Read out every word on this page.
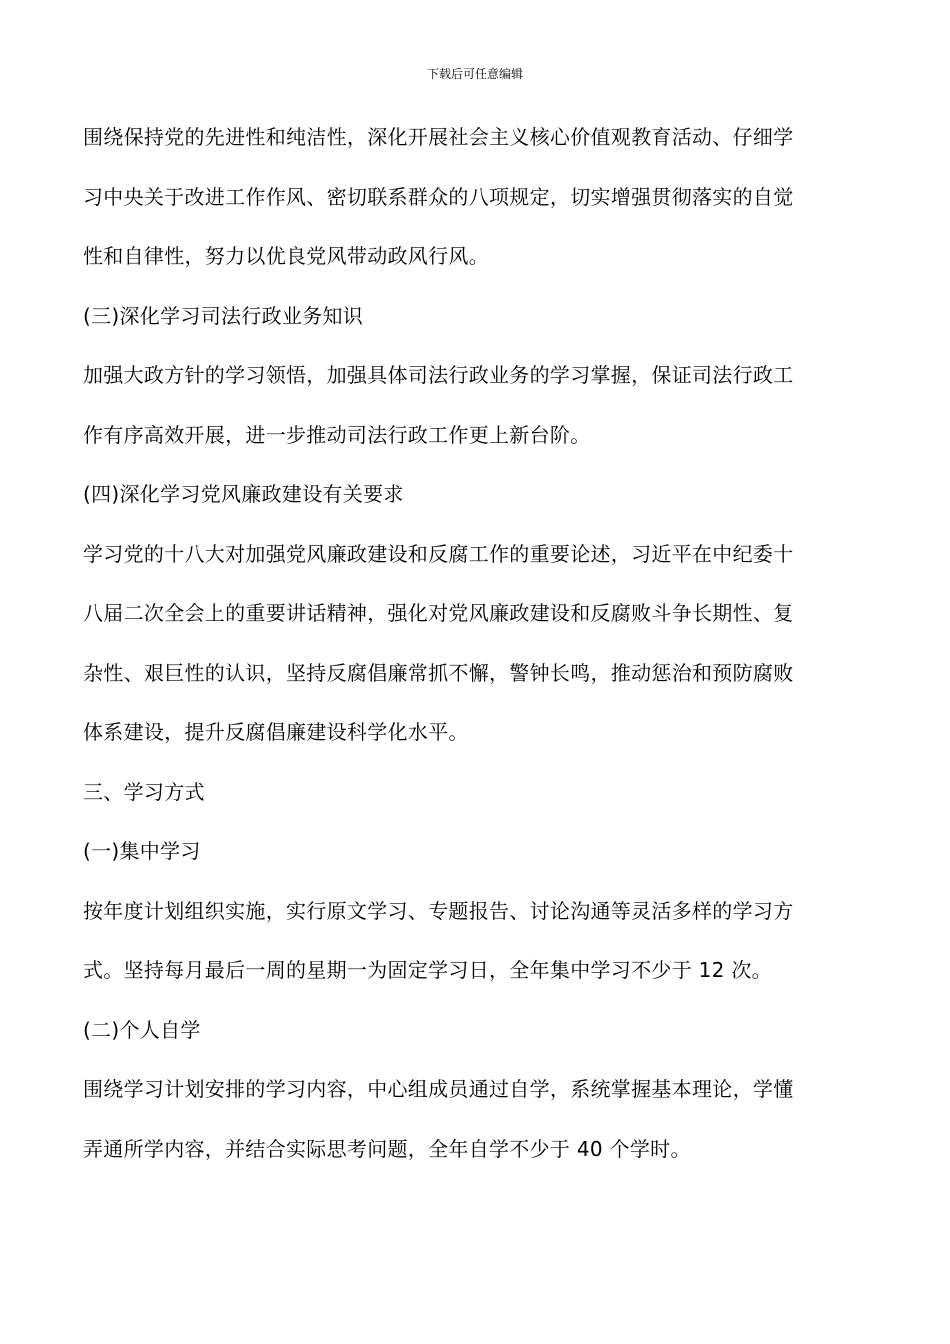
下载后可任意编辑
围绕保持党的先进性和纯洁性，深化开展社会主义核心价值观教育活动、仔细学
习中央关于改进工作作风、密切联系群众的八项规定，切实增强贯彻落实的自觉
性和自律性，努力以优良党风带动政风行风。
(三)深化学习司法行政业务知识
加强大政方针的学习领悟，加强具体司法行政业务的学习掌握，保证司法行政工
作有序高效开展，进一步推动司法行政工作更上新台阶。
(四)深化学习党风廉政建设有关要求
学习党的十八大对加强党风廉政建设和反腐工作的重要论述，习近平在中纪委十
八届二次全会上的重要讲话精神，强化对党风廉政建设和反腐败斗争长期性、复
杂性、艰巨性的认识，坚持反腐倡廉常抓不懈，警钟长鸣，推动惩治和预防腐败
体系建设，提升反腐倡廉建设科学化水平。
三、学习方式
(一)集中学习
按年度计划组织实施，实行原文学习、专题报告、讨论沟通等灵活多样的学习方
式。坚持每月最后一周的星期一为固定学习日，全年集中学习不少于 12 次。
(二)个人自学
围绕学习计划安排的学习内容，中心组成员通过自学，系统掌握基本理论，学懂
弄通所学内容，并结合实际思考问题，全年自学不少于 40 个学时。
